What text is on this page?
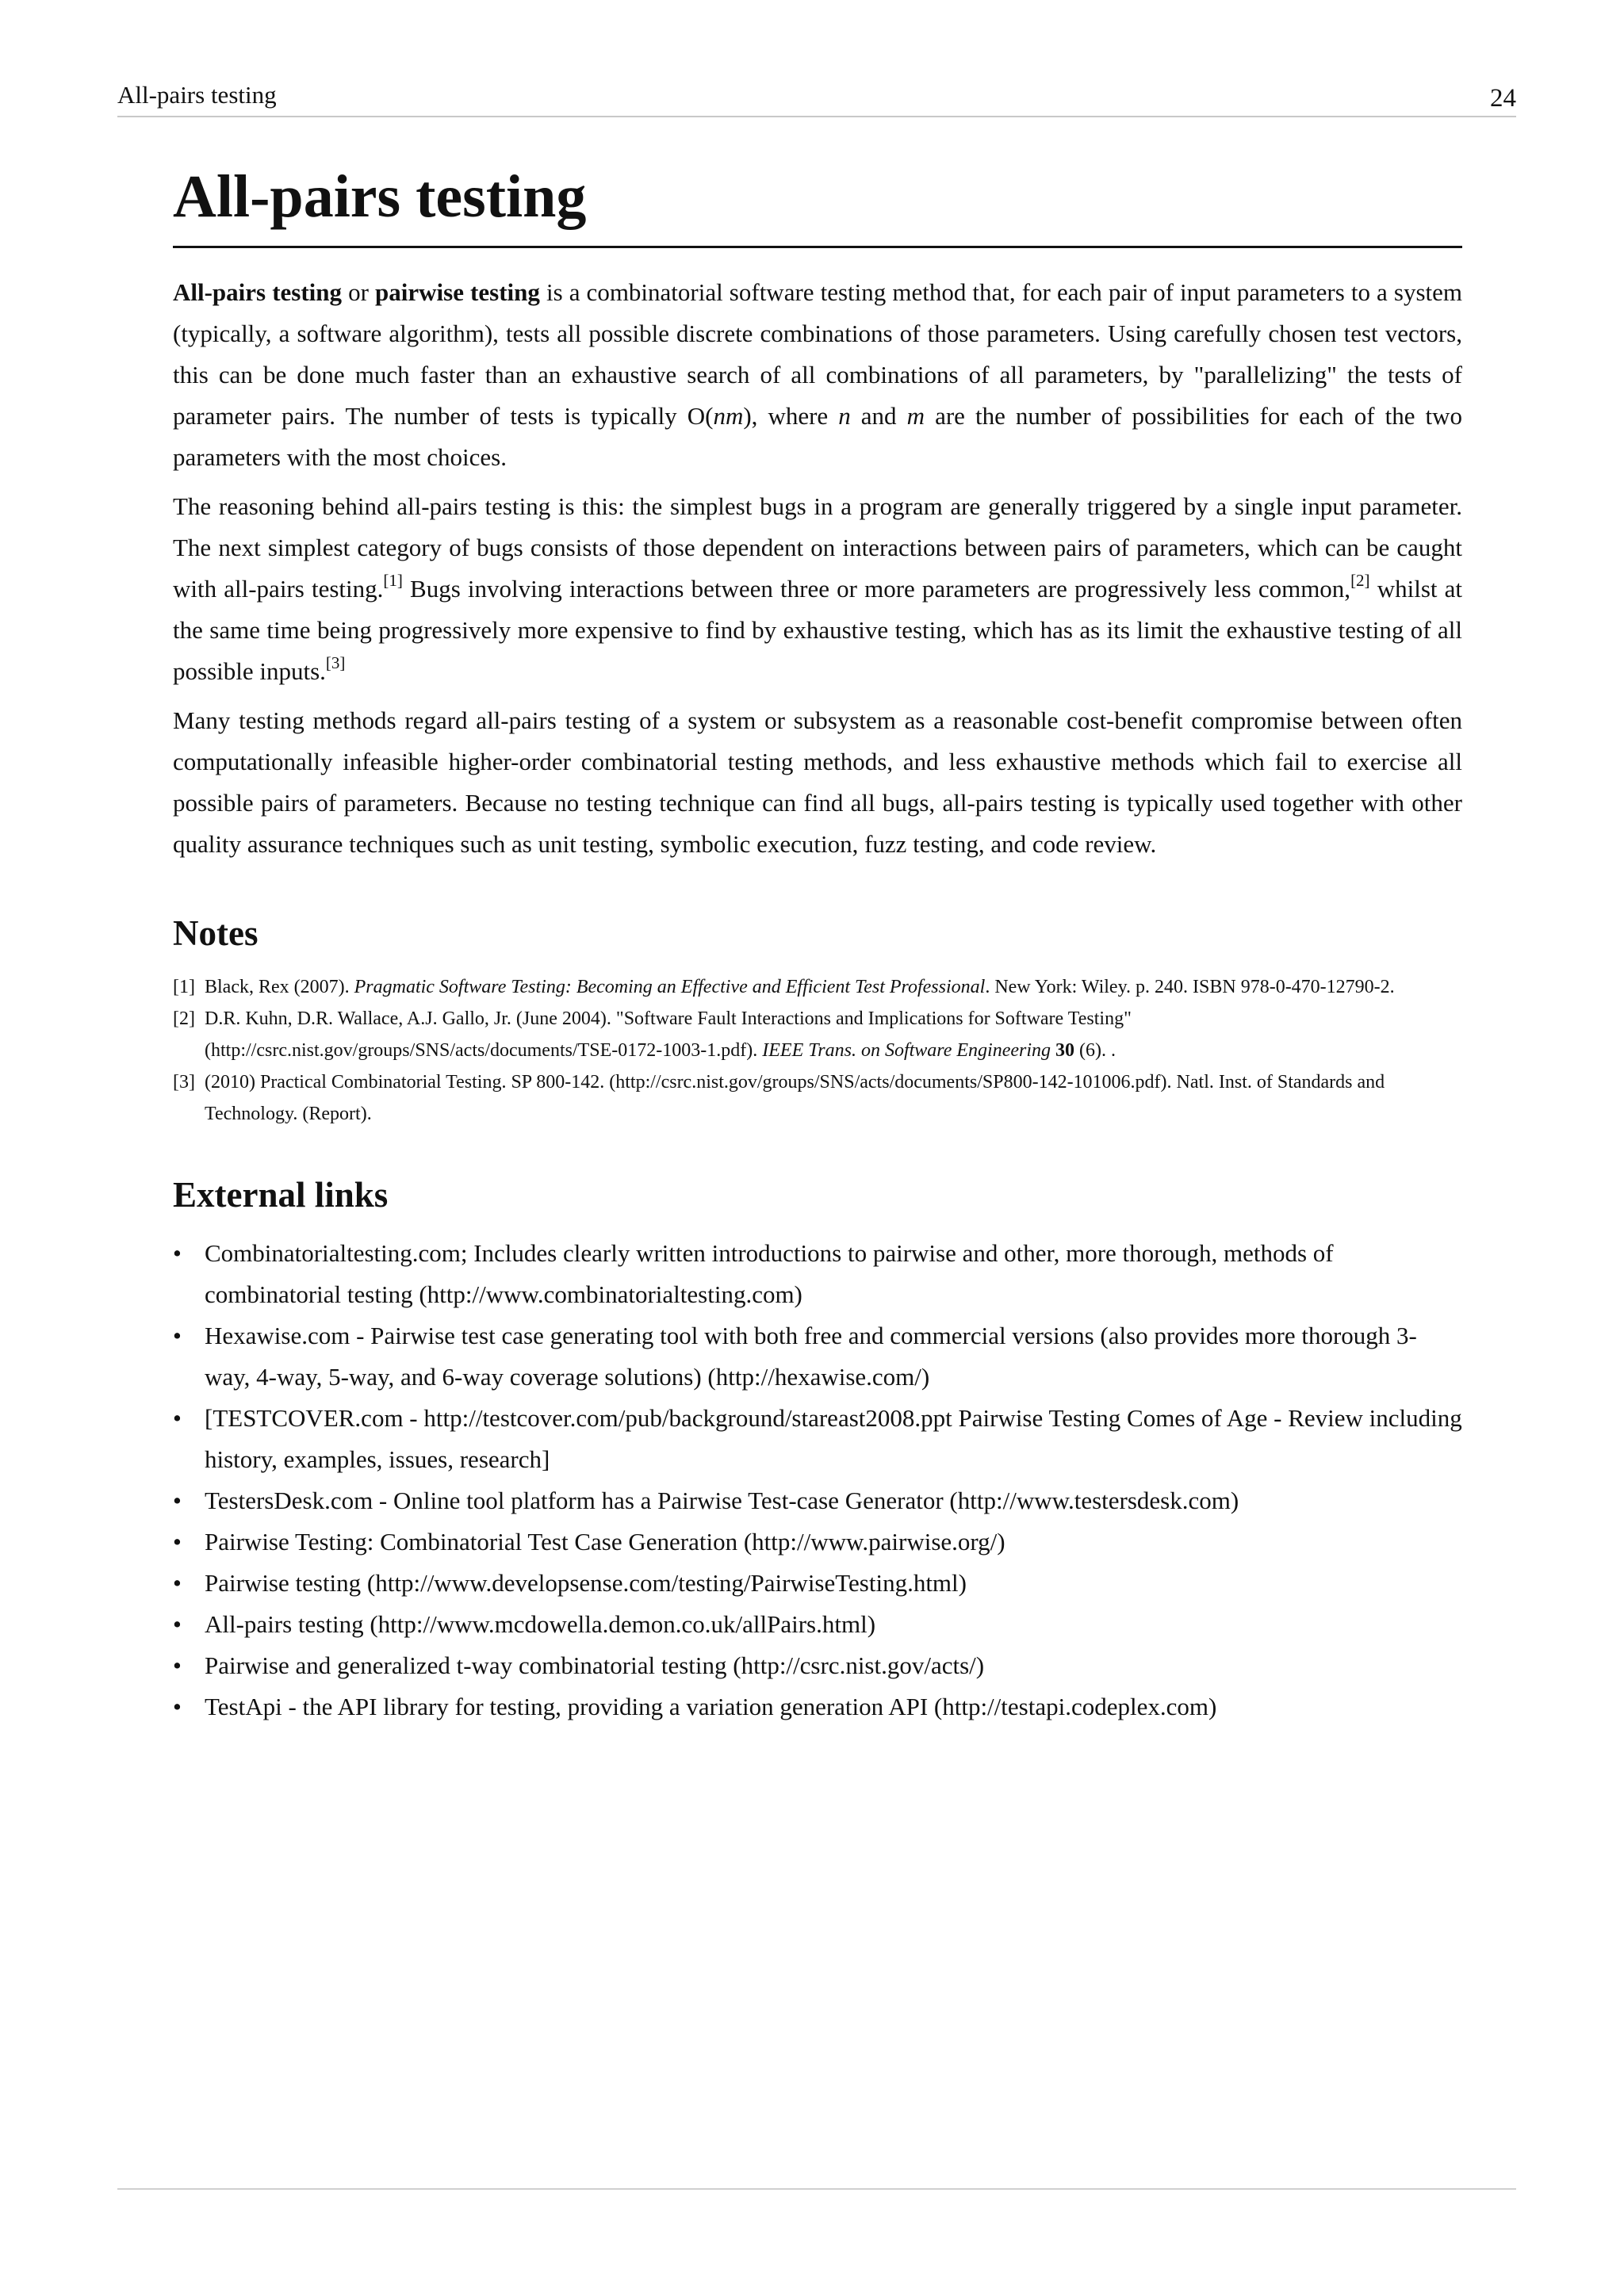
All-pairs testing	24
All-pairs testing

All-pairs testing or pairwise testing is a combinatorial software testing method that, for each pair of input parameters to a system (typically, a software algorithm), tests all possible discrete combinations of those parameters. Using carefully chosen test vectors, this can be done much faster than an exhaustive search of all combinations of all parameters, by "parallelizing" the tests of parameter pairs. The number of tests is typically O(nm), where n and m are the number of possibilities for each of the two parameters with the most choices.

The reasoning behind all-pairs testing is this: the simplest bugs in a program are generally triggered by a single input parameter. The next simplest category of bugs consists of those dependent on interactions between pairs of parameters, which can be caught with all-pairs testing.[1] Bugs involving interactions between three or more parameters are progressively less common,[2] whilst at the same time being progressively more expensive to find by exhaustive testing, which has as its limit the exhaustive testing of all possible inputs.[3]

Many testing methods regard all-pairs testing of a system or subsystem as a reasonable cost-benefit compromise between often computationally infeasible higher-order combinatorial testing methods, and less exhaustive methods which fail to exercise all possible pairs of parameters. Because no testing technique can find all bugs, all-pairs testing is typically used together with other quality assurance techniques such as unit testing, symbolic execution, fuzz testing, and code review.

Notes
[1] Black, Rex (2007). Pragmatic Software Testing: Becoming an Effective and Efficient Test Professional. New York: Wiley. p. 240. ISBN 978-0-470-12790-2.
[2] D.R. Kuhn, D.R. Wallace, A.J. Gallo, Jr. (June 2004). "Software Fault Interactions and Implications for Software Testing" (http://csrc.nist.gov/groups/SNS/acts/documents/TSE-0172-1003-1.pdf). IEEE Trans. on Software Engineering 30 (6). .
[3] (2010) Practical Combinatorial Testing. SP 800-142. (http://csrc.nist.gov/groups/SNS/acts/documents/SP800-142-101006.pdf). Natl. Inst. of Standards and Technology. (Report).
External links
• Combinatorialtesting.com; Includes clearly written introductions to pairwise and other, more thorough, methods of combinatorial testing (http://www.combinatorialtesting.com)
• Hexawise.com - Pairwise test case generating tool with both free and commercial versions (also provides more thorough 3-way, 4-way, 5-way, and 6-way coverage solutions) (http://hexawise.com/)
• [TESTCOVER.com - http://testcover.com/pub/background/stareast2008.ppt Pairwise Testing Comes of Age - Review including history, examples, issues, research]
• TestersDesk.com - Online tool platform has a Pairwise Test-case Generator (http://www.testersdesk.com)
• Pairwise Testing: Combinatorial Test Case Generation (http://www.pairwise.org/)
• Pairwise testing (http://www.developsense.com/testing/PairwiseTesting.html)
• All-pairs testing (http://www.mcdowella.demon.co.uk/allPairs.html)
• Pairwise and generalized t-way combinatorial testing (http://csrc.nist.gov/acts/)
• TestApi - the API library for testing, providing a variation generation API (http://testapi.codeplex.com)
